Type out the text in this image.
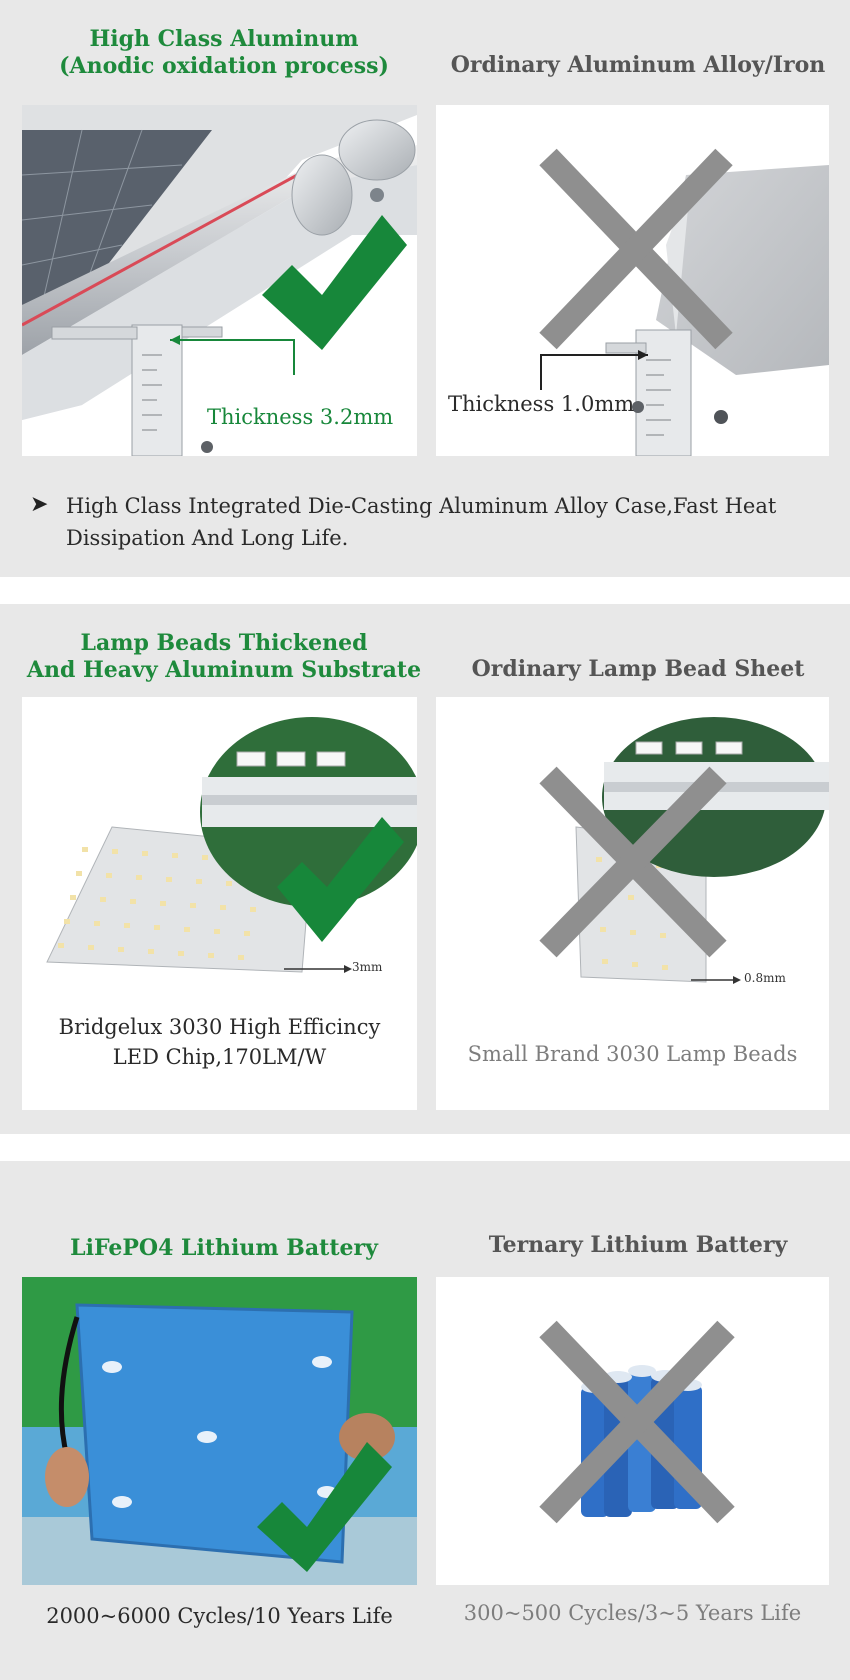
High Class Aluminum
(Anodic oxidation process)	Ordinary Aluminum Alloy/Iron
Thickness 3.2mm
Thickness 1.0mm
➤ High Class Integrated Die-Casting Aluminum Alloy Case,Fast Heat Dissipation And Long Life.
Lamp Beads Thickened
And Heavy Aluminum Substrate	Ordinary Lamp Bead Sheet
3mm
Bridgelux 3030 High Efficincy
LED Chip,170LM/W
0.8mm
Small Brand 3030 Lamp Beads
LiFePO4 Lithium Battery	Ternary Lithium Battery
2000~6000 Cycles/10 Years Life	300~500 Cycles/3~5 Years Life
